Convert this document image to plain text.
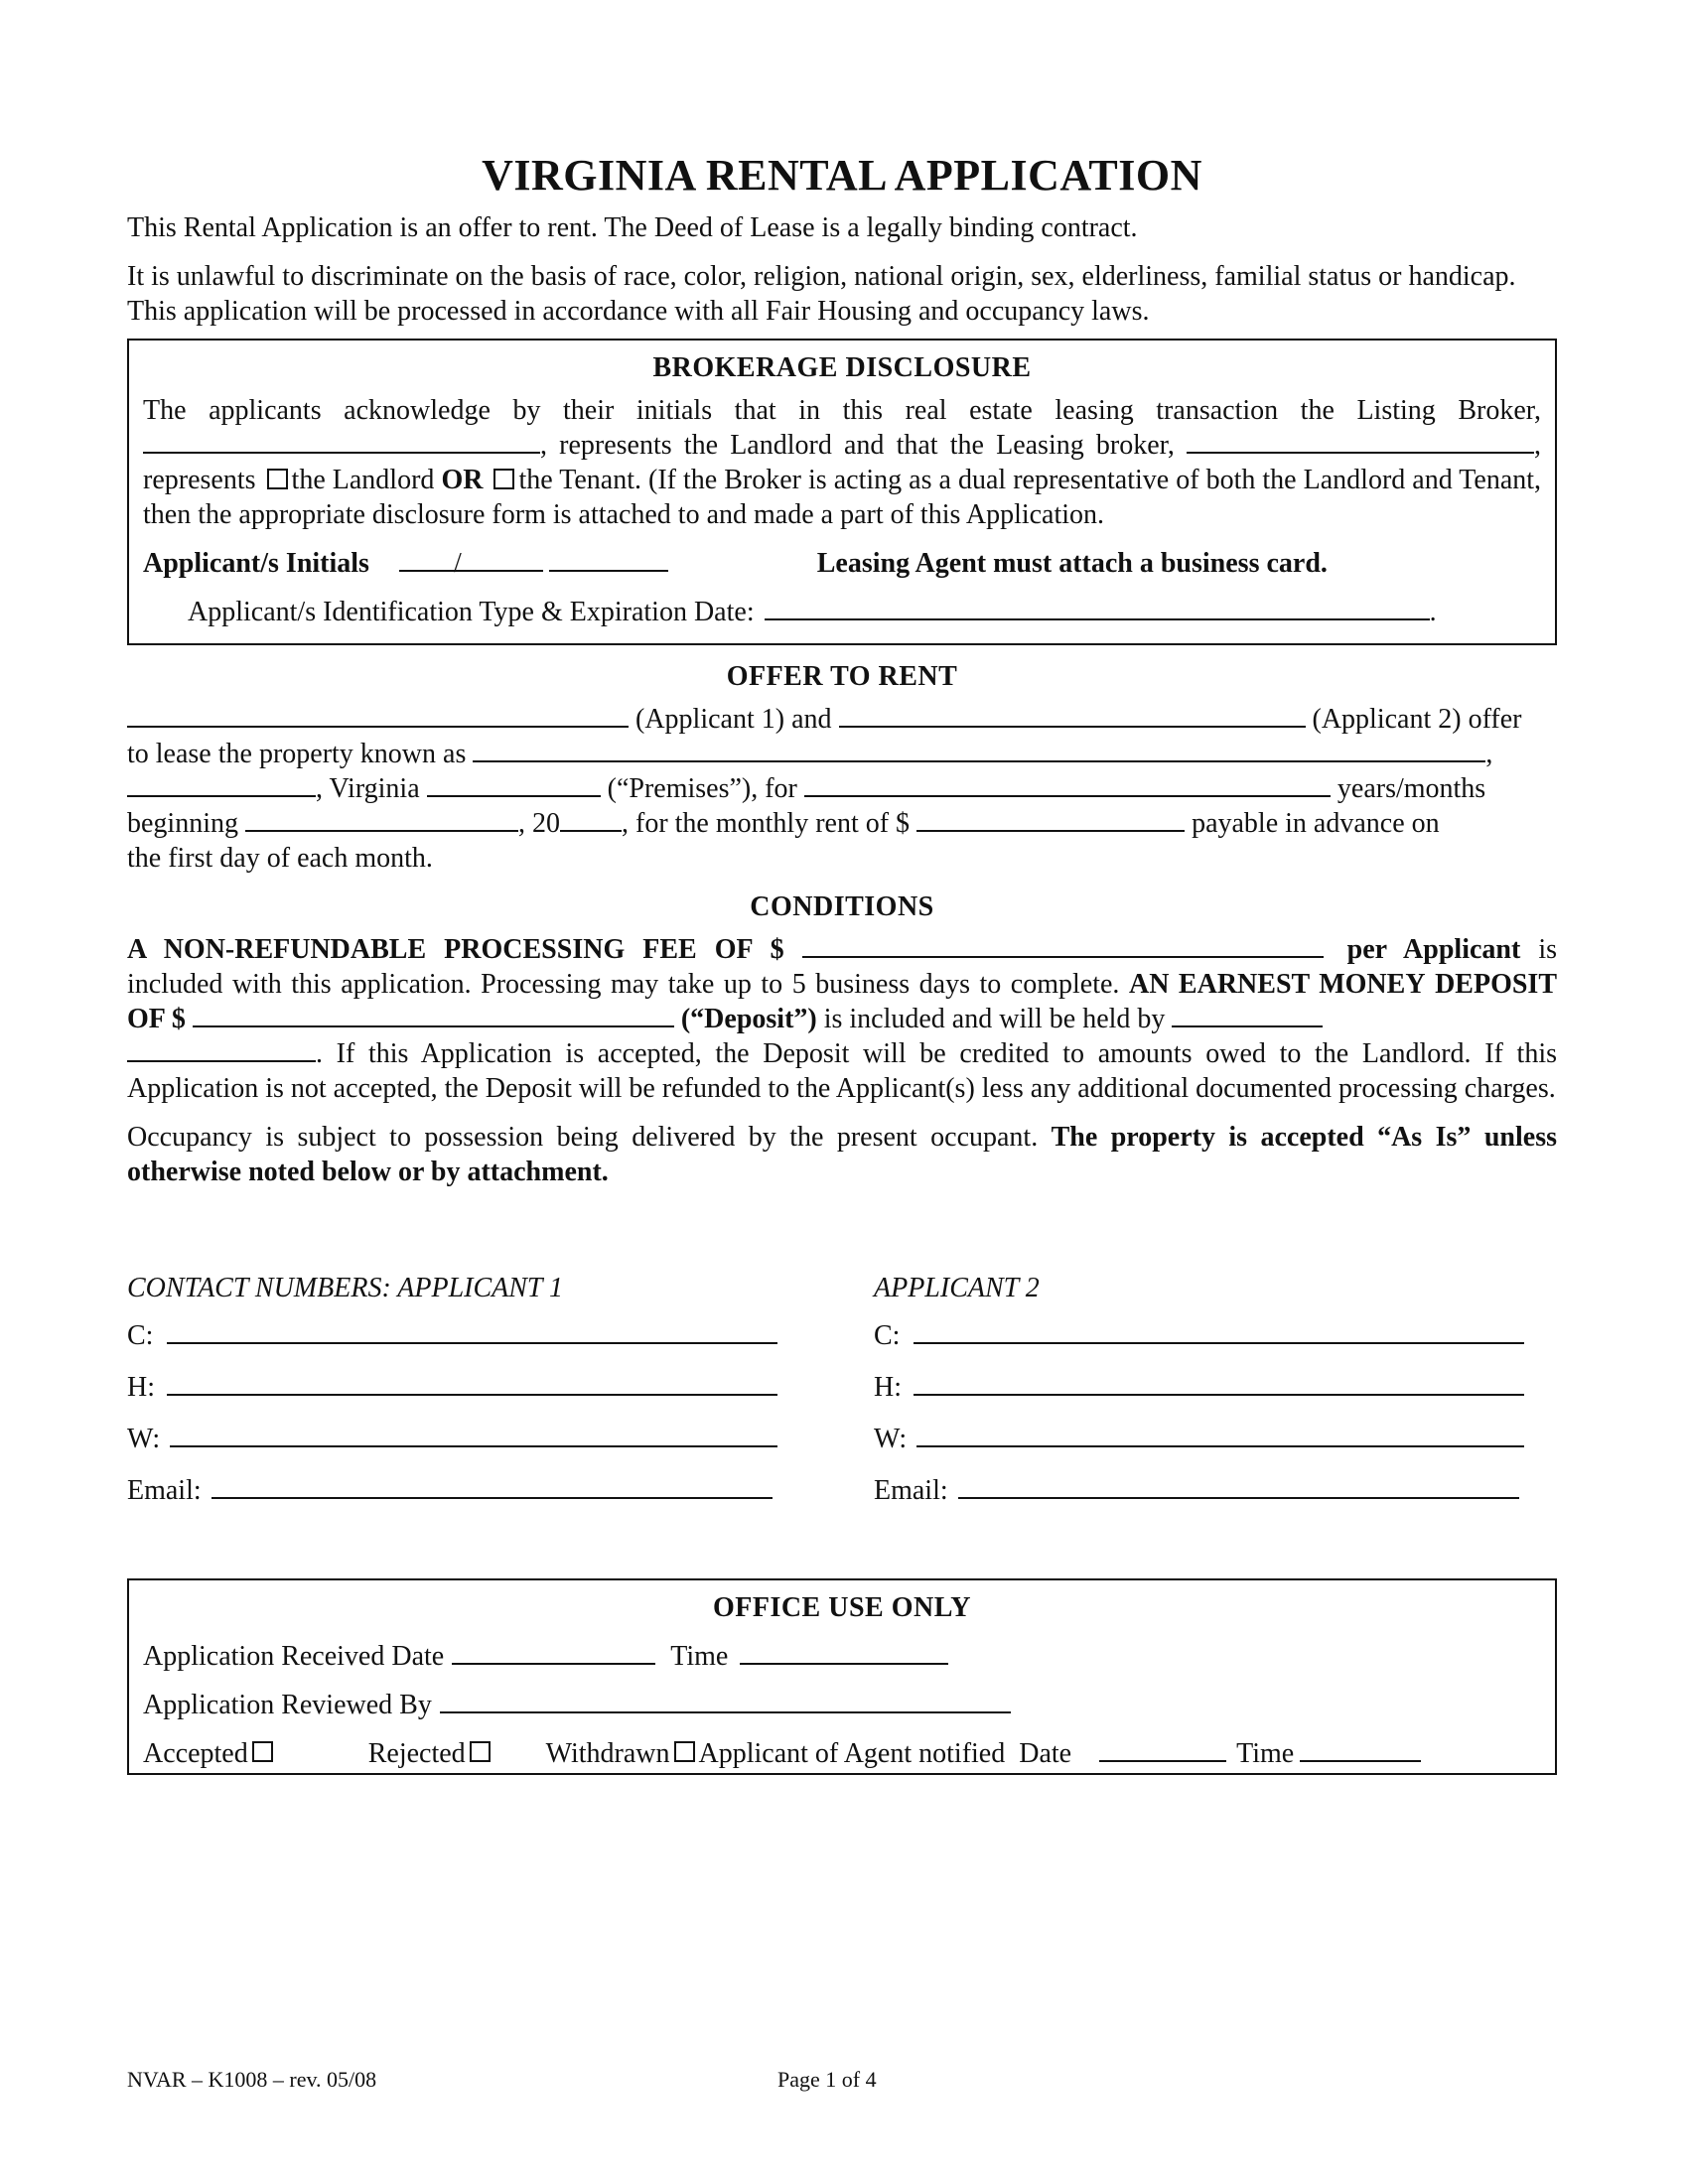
VIRGINIA RENTAL APPLICATION

This Rental Application is an offer to rent. The Deed of Lease is a legally binding contract.

It is unlawful to discriminate on the basis of race, color, religion, national origin, sex, elderliness, familial status or handicap. This application will be processed in accordance with all Fair Housing and occupancy laws.

BROKERAGE DISCLOSURE

The applicants acknowledge by their initials that in this real estate leasing transaction the Listing Broker, , represents the Landlord and that the Leasing broker,	, represents the Landlord OR the Tenant. (If the Broker is acting as a dual representative of both the Landlord and Tenant, then the appropriate disclosure form is attached to and made a part of this Application.

Applicant/s Initials	/	Leasing Agent must attach a business card.
Applicant/s Identification Type & Expiration Date:	.
OFFER TO RENT

(Applicant 1) and	(Applicant 2) offer
to lease the property known as	,
, Virginia	(“Premises”), for	years/months
beginning	, 20 , for the monthly rent of $	payable in advance on
the first day of each month.

CONDITIONS

A NON-REFUNDABLE PROCESSING FEE OF $	per Applicant is included with this application. Processing may take up to 5 business days to complete. AN EARNEST MONEY DEPOSIT OF $	(“Deposit”) is included and will be held by
. If this Application is accepted, the Deposit will be credited to amounts owed to the Landlord. If this Application is not accepted, the Deposit will be refunded to the Applicant(s) less any additional documented processing charges.

Occupancy is subject to possession being delivered by the present occupant. The property is accepted “As Is” unless otherwise noted below or by attachment.

CONTACT NUMBERS: APPLICANT 1
C:
H:
W:
Email:
APPLICANT 2
C:
H:
W:
Email:
OFFICE USE ONLY
Application Received Date	Time
Application Reviewed By
Accepted	Rejected	Withdrawn Applicant of Agent notified  Date	Time
NVAR – K1008 – rev. 05/08	Page 1 of 4
